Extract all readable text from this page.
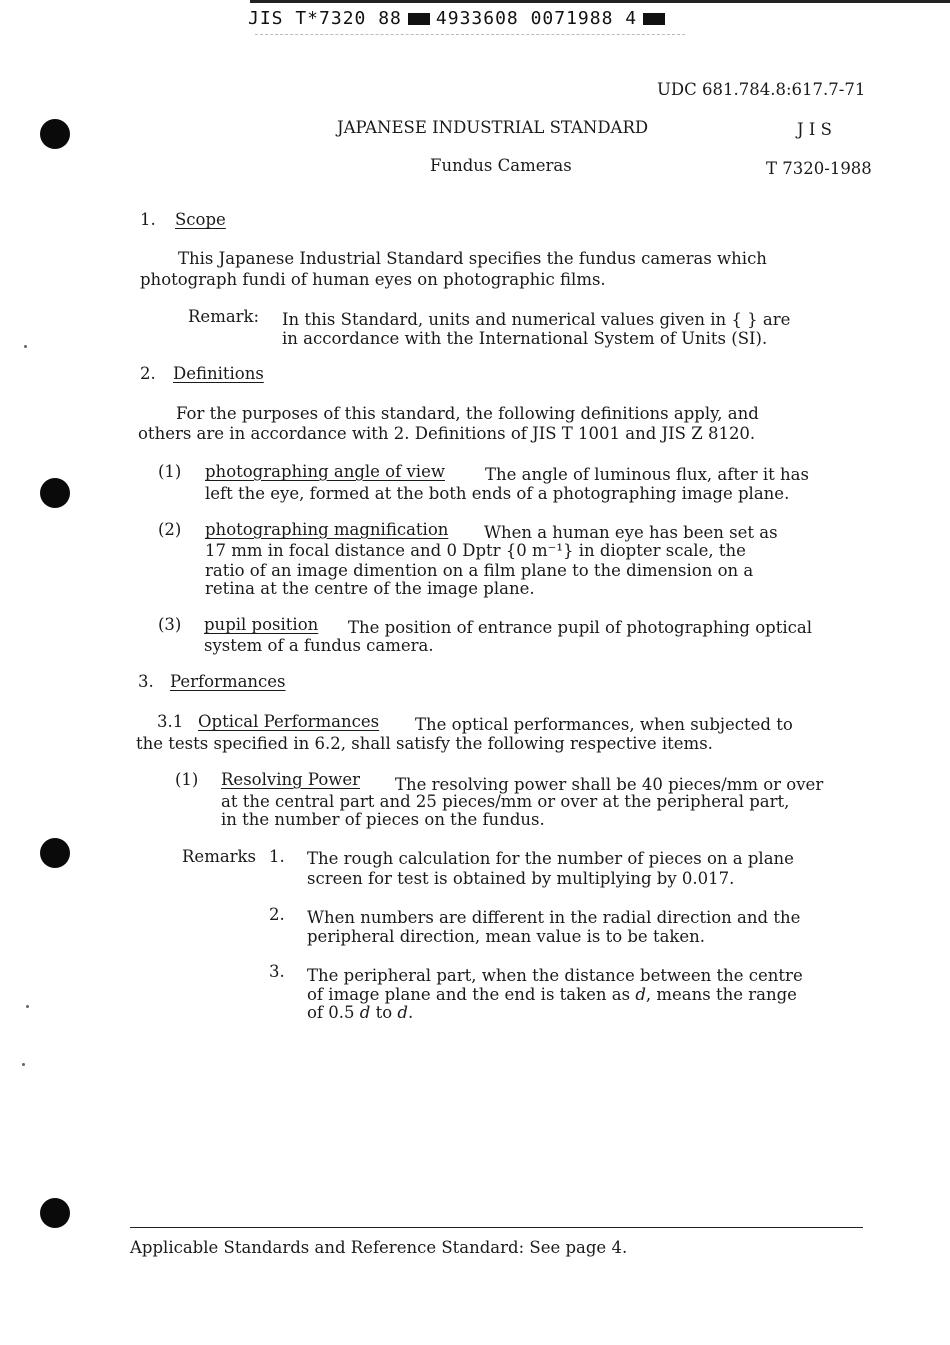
JIS T*7320 88 4933608 0071988 4
UDC 681.784.8:617.7-71
JAPANESE INDUSTRIAL STANDARD	J I S
Fundus Cameras	T 7320-1988
1. Scope
This Japanese Industrial Standard specifies the fundus cameras which
photograph fundi of human eyes on photographic films.
Remark: In this Standard, units and numerical values given in { } are
in accordance with the International System of Units (SI).
2. Definitions
For the purposes of this standard, the following definitions apply, and
others are in accordance with 2. Definitions of JIS T 1001 and JIS Z 8120.
(1) photographing angle of view The angle of luminous flux, after it has
left the eye, formed at the both ends of a photographing image plane.
(2) photographing magnification When a human eye has been set as
17 mm in focal distance and 0 Dptr {0 m⁻¹} in diopter scale, the
ratio of an image dimention on a film plane to the dimension on a
retina at the centre of the image plane.
(3) pupil position The position of entrance pupil of photographing optical
system of a fundus camera.
3. Performances
3.1 Optical Performances The optical performances, when subjected to
the tests specified in 6.2, shall satisfy the following respective items.
(1) Resolving Power The resolving power shall be 40 pieces/mm or over
at the central part and 25 pieces/mm or over at the peripheral part,
in the number of pieces on the fundus.
Remarks 1. The rough calculation for the number of pieces on a plane
screen for test is obtained by multiplying by 0.017.
2. When numbers are different in the radial direction and the
peripheral direction, mean value is to be taken.
3. The peripheral part, when the distance between the centre
of image plane and the end is taken as d, means the range
of 0.5 d to d.
Applicable Standards and Reference Standard: See page 4.
